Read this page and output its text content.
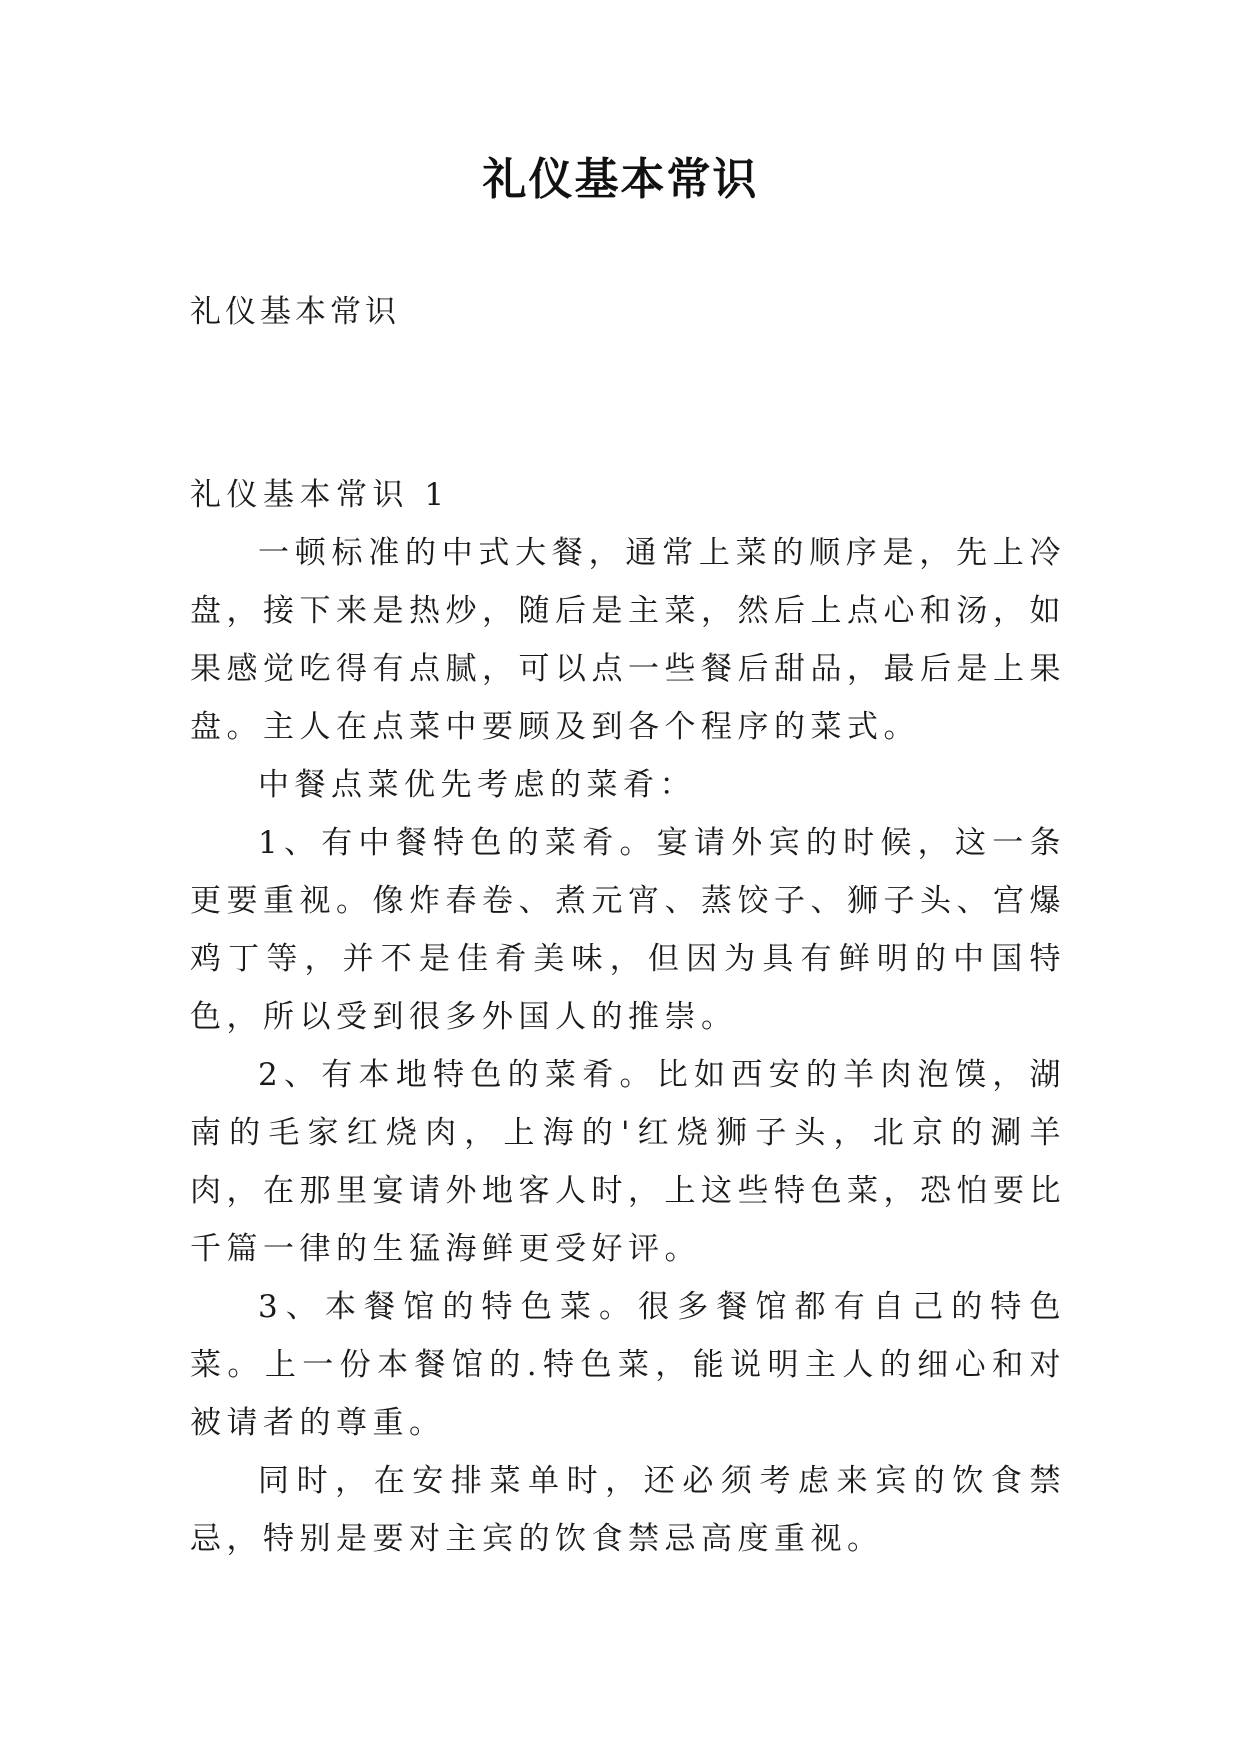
礼仪基本常识
礼仪基本常识

礼仪基本常识 1

一顿标准的中式大餐，通常上菜的顺序是，先上冷盘，接下来是热炒，随后是主菜，然后上点心和汤，如果感觉吃得有点腻，可以点一些餐后甜品，最后是上果盘。主人在点菜中要顾及到各个程序的菜式。

中餐点菜优先考虑的菜肴：

1、有中餐特色的菜肴。宴请外宾的时候，这一条更要重视。像炸春卷、煮元宵、蒸饺子、狮子头、宫爆鸡丁等，并不是佳肴美味，但因为具有鲜明的中国特色，所以受到很多外国人的推崇。

2、有本地特色的菜肴。比如西安的羊肉泡馍，湖南的毛家红烧肉，上海的'红烧狮子头，北京的涮羊肉，在那里宴请外地客人时，上这些特色菜，恐怕要比千篇一律的生猛海鲜更受好评。

3、本餐馆的特色菜。很多餐馆都有自己的特色菜。上一份本餐馆的.特色菜，能说明主人的细心和对被请者的尊重。

同时，在安排菜单时，还必须考虑来宾的饮食禁忌，特别是要对主宾的饮食禁忌高度重视。
